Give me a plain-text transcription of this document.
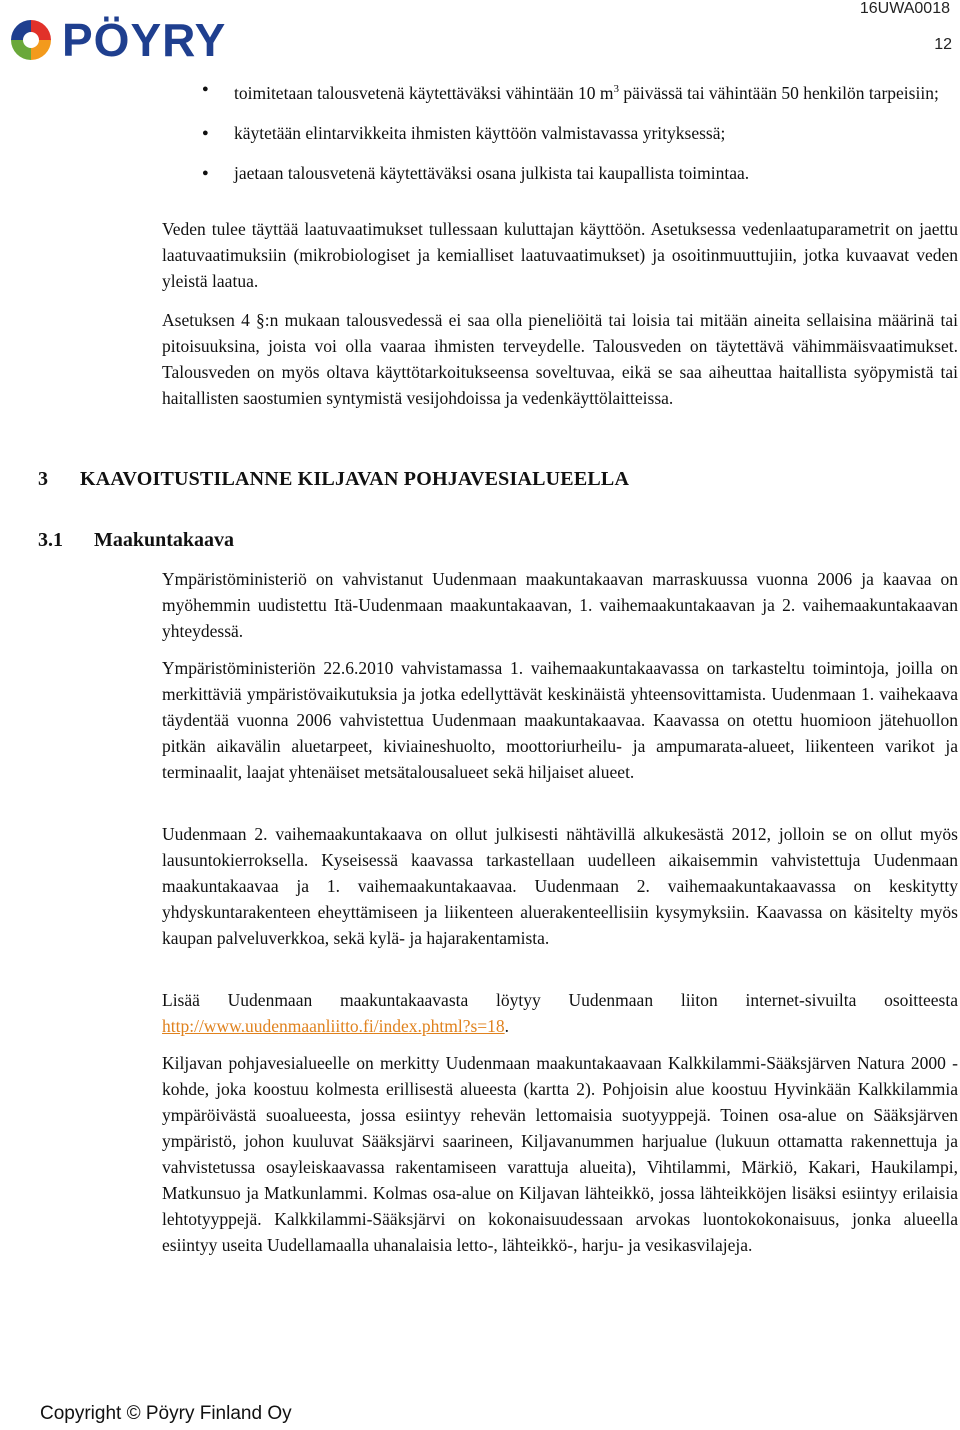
PÖYRY
16UWA0018
12
● toimitetaan talousvetenä käytettäväksi vähintään 10 $m^3$ päivässä tai vähintään 50 henkilön tarpeisiin;
● käytetään elintarvikkeita ihmisten käyttöön valmistavassa yrityksessä;
● jaetaan talousvetenä käytettäväksi osana julkista tai kaupallista toimintaa.

Veden tulee täyttää laatuvaatimukset tullessaan kuluttajan käyttöön. Asetuksessa vedenlaatuparametrit on jaettu laatuvaatimuksiin (mikrobiologiset ja kemialliset laatuvaatimukset) ja osoitinmuuttujiin, jotka kuvaavat veden yleistä laatua.

Asetuksen 4 §:n mukaan talousvedessä ei saa olla pieneliöitä tai loisia tai mitään aineita sellaisina määrinä tai pitoisuuksina, joista voi olla vaaraa ihmisten terveydelle. Talousveden on täytettävä vähimmäisvaatimukset. Talousveden on myös oltava käyttötarkoitukseensa soveltuvaa, eikä se saa aiheuttaa haitallista syöpymistä tai haitallisten saostumien syntymistä vesijohdoissa ja vedenkäyttölaitteissa.

3 KAAVOITUSTILANNE KILJAVAN POHJAVESIALUEELLA
3.1 Maakuntakaava

Ympäristöministeriö on vahvistanut Uudenmaan maakuntakaavan marraskuussa vuonna 2006 ja kaavaa on myöhemmin uudistettu Itä-Uudenmaan maakuntakaavan, 1. vaihemaakuntakaavan ja 2. vaihemaakuntakaavan yhteydessä.

Ympäristöministeriön 22.6.2010 vahvistamassa 1. vaihemaakuntakaavassa on tarkasteltu toimintoja, joilla on merkittäviä ympäristövaikutuksia ja jotka edellyttävät keskinäistä yhteensovittamista. Uudenmaan 1. vaihekaava täydentää vuonna 2006 vahvistettua Uudenmaan maakuntakaavaa. Kaavassa on otettu huomioon jätehuollon pitkän aikavälin aluetarpeet, kiviaineshuolto, moottoriurheilu- ja ampumarata-alueet, liikenteen varikot ja terminaalit, laajat yhtenäiset metsätalousalueet sekä hiljaiset alueet.

Uudenmaan 2. vaihemaakuntakaava on ollut julkisesti nähtävillä alkukesästä 2012, jolloin se on ollut myös lausuntokierroksella. Kyseisessä kaavassa tarkastellaan uudelleen aikaisemmin vahvistettuja Uudenmaan maakuntakaavaa ja 1. vaihemaakuntakaavaa. Uudenmaan 2. vaihemaakuntakaavassa on keskitytty yhdyskuntarakenteen eheyttämiseen ja liikenteen aluerakenteellisiin kysymyksiin. Kaavassa on käsitelty myös kaupan palveluverkkoa, sekä kylä- ja hajarakentamista.

Lisää Uudenmaan maakuntakaavasta löytyy Uudenmaan liiton internet-sivuilta osoitteesta http://www.uudenmaanliitto.fi/index.phtml?s=18.

Kiljavan pohjavesialueelle on merkitty Uudenmaan maakuntakaavaan Kalkkilammi-Sääksjärven Natura 2000 -kohde, joka koostuu kolmesta erillisestä alueesta (kartta 2). Pohjoisin alue koostuu Hyvinkään Kalkkilammia ympäröivästä suoalueesta, jossa esiintyy rehevän lettomaisia suotyyppejä. Toinen osa-alue on Sääksjärven ympäristö, johon kuuluvat Sääksjärvi saarineen, Kiljavanummen harjualue (lukuun ottamatta rakennettuja ja vahvistetussa osayleiskaavassa rakentamiseen varattuja alueita), Vihtilammi, Märkiö, Kakari, Haukilampi, Matkunsuo ja Matkunlammi. Kolmas osa-alue on Kiljavan lähteikkö, jossa lähteikköjen lisäksi esiintyy erilaisia lehtotyyppejä. Kalkkilammi-Sääksjärvi on kokonaisuudessaan arvokas luontokokonaisuus, jonka alueella esiintyy useita Uudellamaalla uhanalaisia letto-, lähteikkö-, harju- ja vesikasvilajeja.

Copyright © Pöyry Finland Oy
